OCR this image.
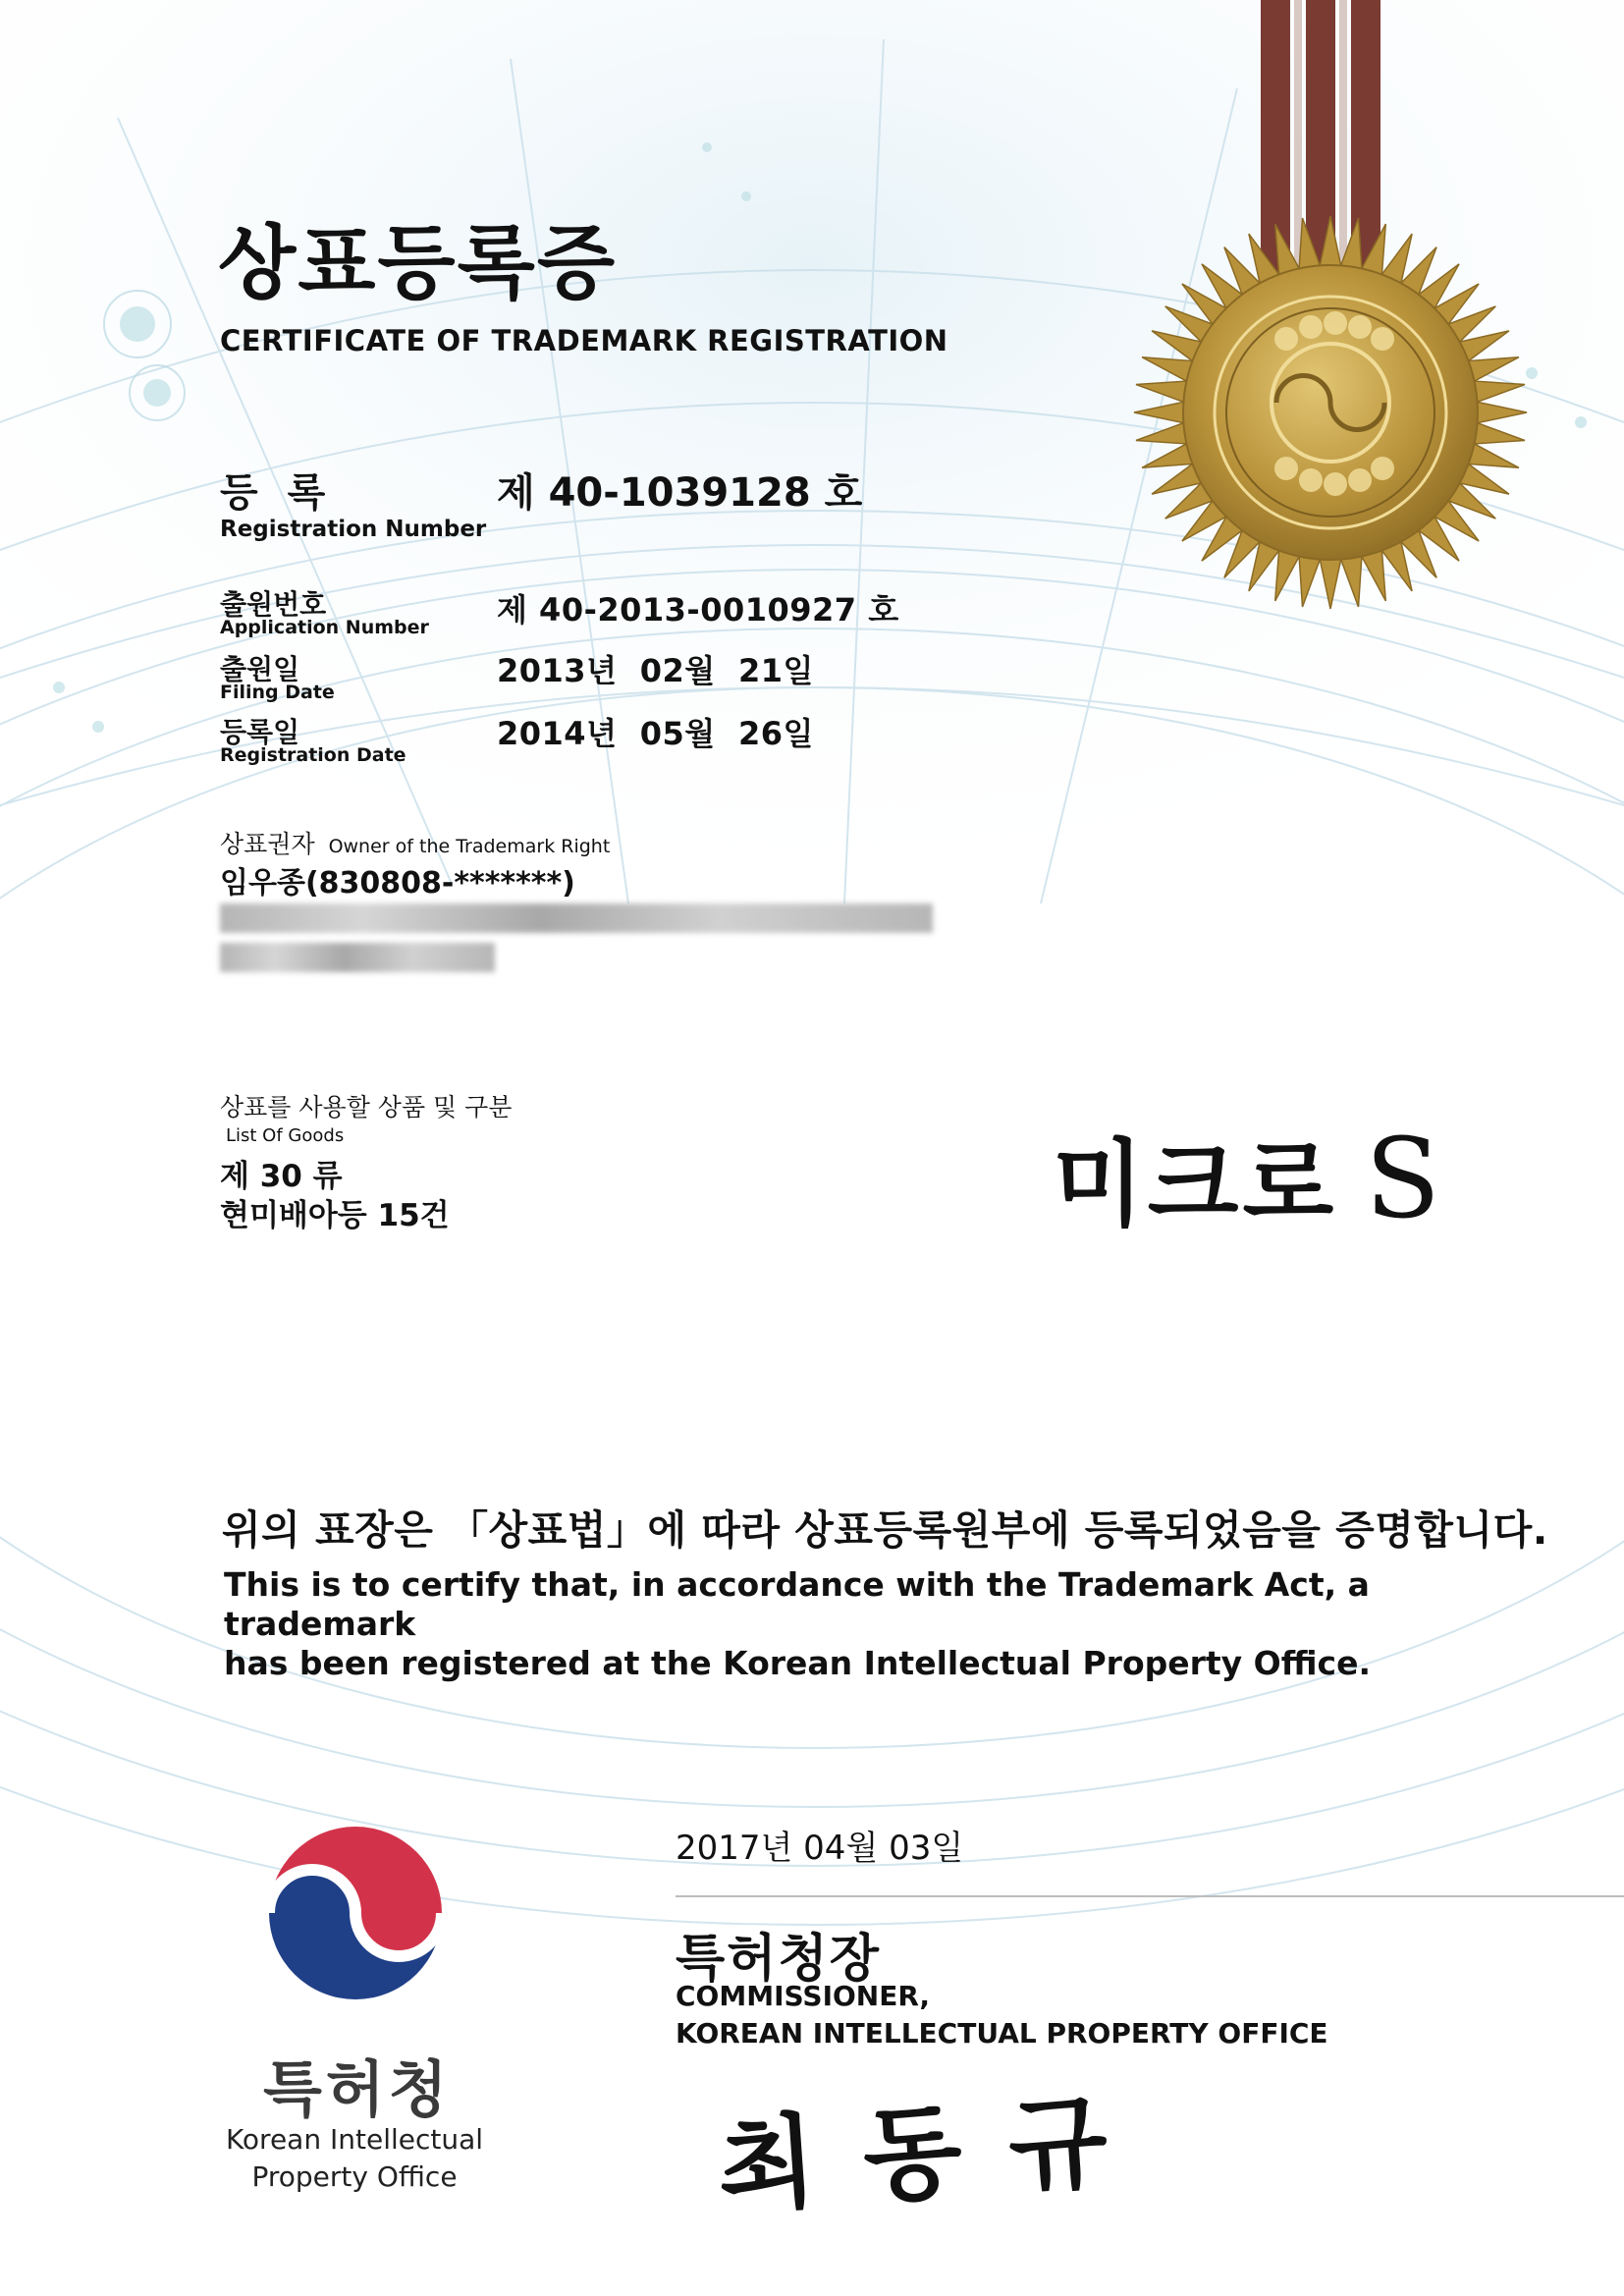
상표등록증
CERTIFICATE OF TRADEMARK REGISTRATION
등 록
Registration Number
제 40-1039128 호
출원번호
Application Number 제 40-2013-0010927 호
출원일
Filing Date
2013년  02월  21일
등록일
Registration Date
2014년  05월  26일
상표권자 Owner of the Trademark Right
임우종(830808-*******)
상표를 사용할 상품 및 구분
List Of Goods
제 30 류
현미배아등 15건	미크로 S
위의 표장은 「상표법」에 따라 상표등록원부에 등록되었음을 증명합니다.
This is to certify that, in accordance with the Trademark Act, a trademark
has been registered at the Korean Intellectual Property Office.
특허청
Korean Intellectual
Property Office
2017년 04월 03일
특허청장
COMMISSIONER,
KOREAN INTELLECTUAL PROPERTY OFFICE
최동규
